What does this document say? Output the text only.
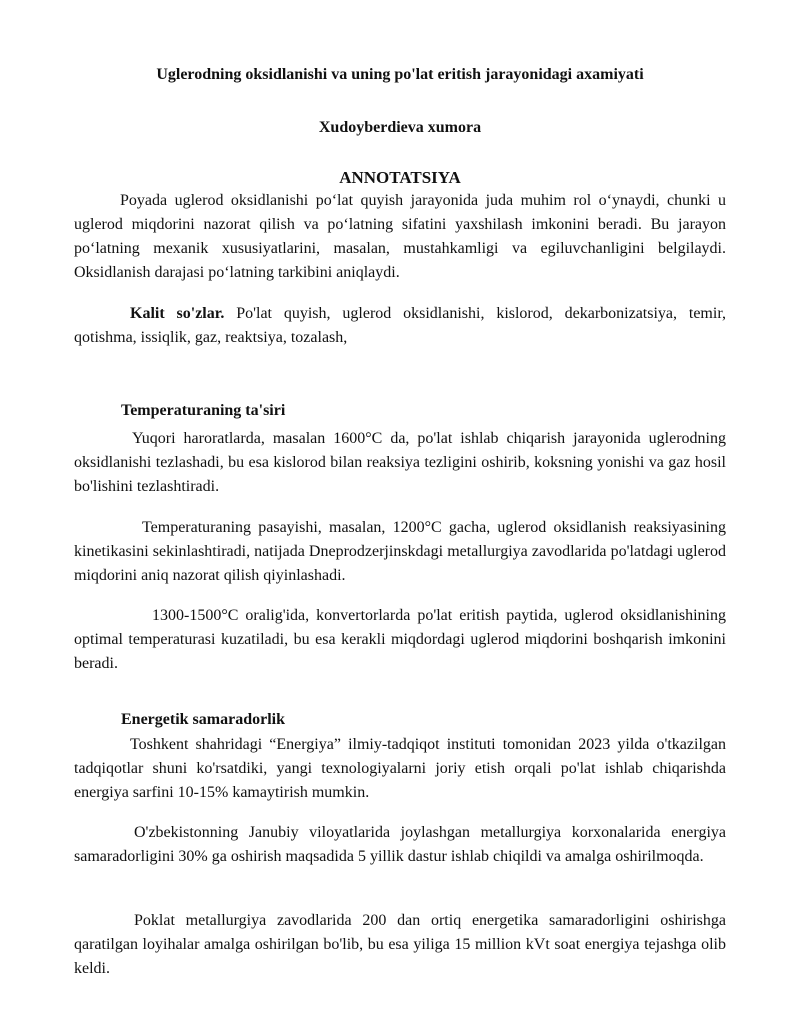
Uglerodning oksidlanishi va uning po'lat eritish jarayonidagi axamiyati

Xudoyberdieva xumora

ANNOTATSIYA

Poyada uglerod oksidlanishi po‘lat quyish jarayonida juda muhim rol o‘ynaydi, chunki u uglerod miqdorini nazorat qilish va po‘latning sifatini yaxshilash imkonini beradi. Bu jarayon po‘latning mexanik xususiyatlarini, masalan, mustahkamligi va egiluvchanligini belgilaydi. Oksidlanish darajasi po‘latning tarkibini aniqlaydi.

Kalit so'zlar. Po'lat quyish, uglerod oksidlanishi, kislorod, dekarbonizatsiya, temir, qotishma, issiqlik, gaz, reaktsiya, tozalash,

Temperaturaning ta'siri

Yuqori haroratlarda, masalan 1600°C da, po'lat ishlab chiqarish jarayonida uglerodning oksidlanishi tezlashadi, bu esa kislorod bilan reaksiya tezligini oshirib, koksning yonishi va gaz hosil bo'lishini tezlashtiradi.

Temperaturaning pasayishi, masalan, 1200°C gacha, uglerod oksidlanish reaksiyasining kinetikasini sekinlashtiradi, natijada Dneprodzerjinskdagi metallurgiya zavodlarida po'latdagi uglerod miqdorini aniq nazorat qilish qiyinlashadi.

1300-1500°C oralig'ida, konvertorlarda po'lat eritish paytida, uglerod oksidlanishining optimal temperaturasi kuzatiladi, bu esa kerakli miqdordagi uglerod miqdorini boshqarish imkonini beradi.

Energetik samaradorlik

Toshkent shahridagi “Energiya” ilmiy-tadqiqot instituti tomonidan 2023 yilda o'tkazilgan tadqiqotlar shuni ko'rsatdiki, yangi texnologiyalarni joriy etish orqali po'lat ishlab chiqarishda energiya sarfini 10-15% kamaytirish mumkin.

O'zbekistonning Janubiy viloyatlarida joylashgan metallurgiya korxonalarida energiya samaradorligini 30% ga oshirish maqsadida 5 yillik dastur ishlab chiqildi va amalga oshirilmoqda.

Poklat metallurgiya zavodlarida 200 dan ortiq energetika samaradorligini oshirishga qaratilgan loyihalar amalga oshirilgan bo'lib, bu esa yiliga 15 million kVt soat energiya tejashga olib keldi.
